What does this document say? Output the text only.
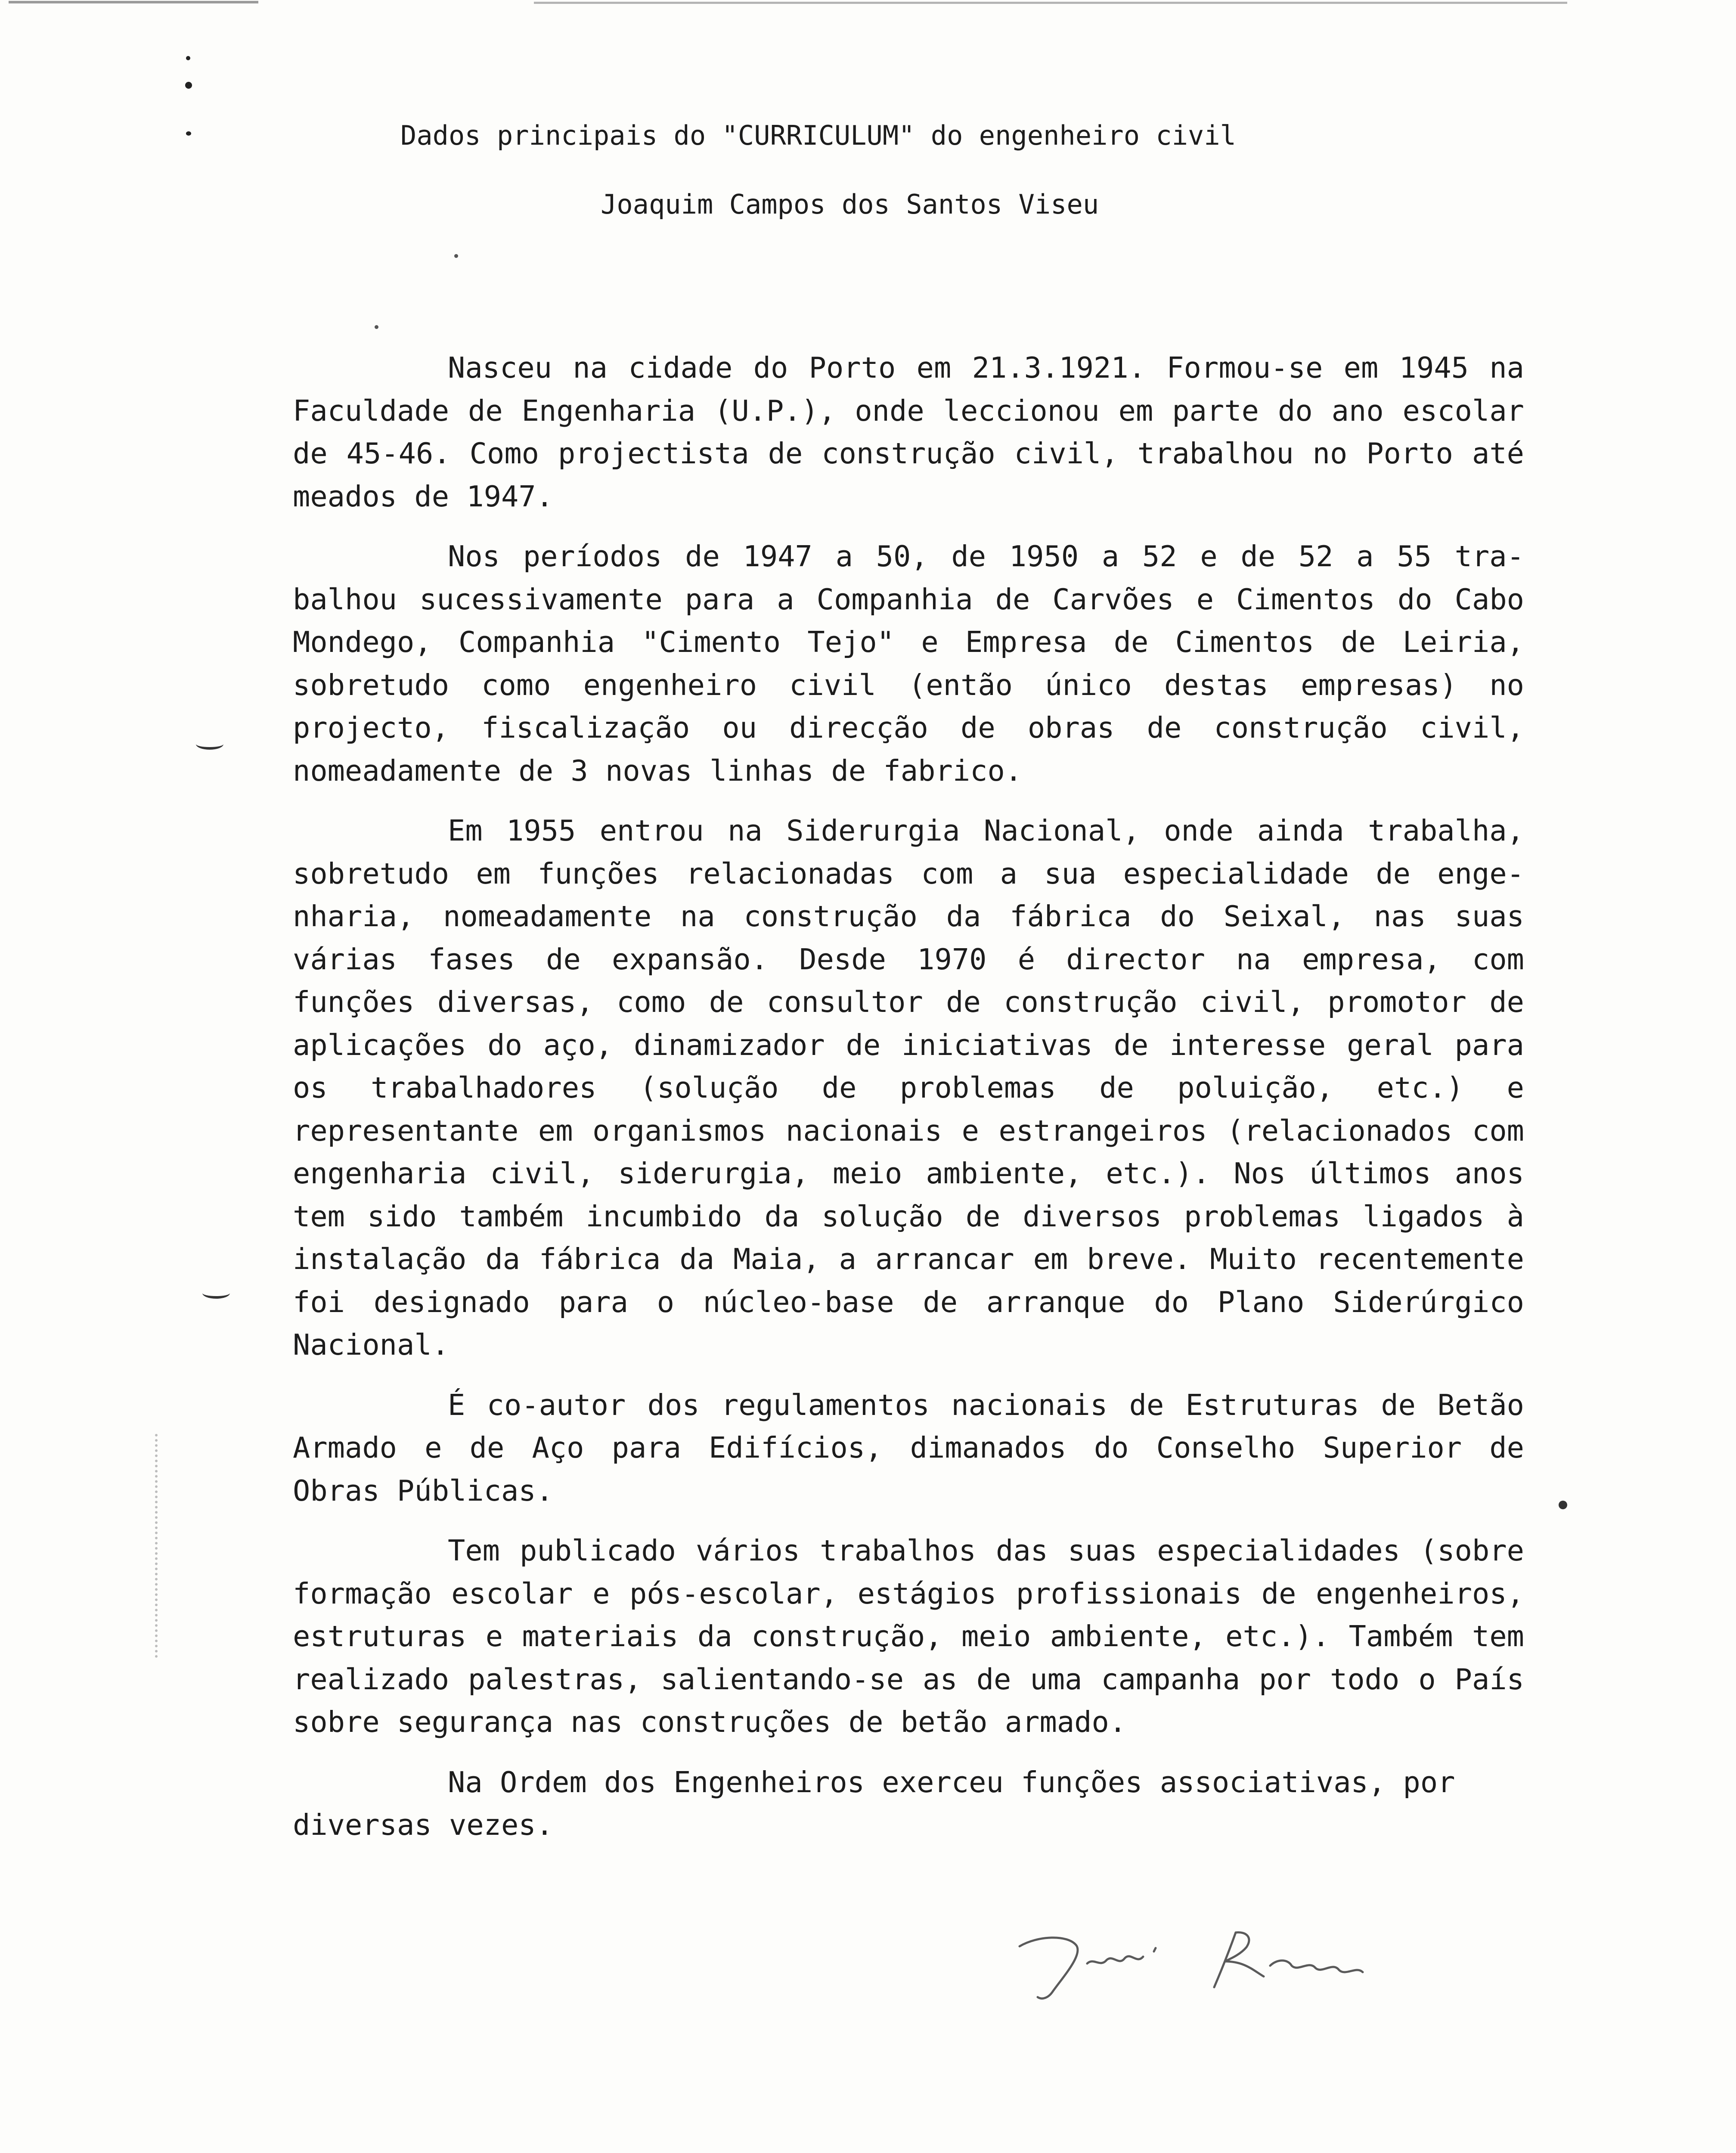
Dados principais do "CURRICULUM" do engenheiro civil
Joaquim Campos dos Santos Viseu

Nasceu na cidade do Porto em 21.3.1921. Formou-se em 1945 na Faculdade de Engenharia (U.P.), onde leccionou em parte do ano escolar de 45-46. Como projectista de construção civil, trabalhou no Porto até meados de 1947.

Nos períodos de 1947 a 50, de 1950 a 52 e de 52 a 55 trabalhou sucessivamente para a Companhia de Carvões e Cimentos do Cabo Mondego, Companhia "Cimento Tejo" e Empresa de Cimentos de Leiria, sobretudo como engenheiro civil (então único destas empresas) no projecto, fiscalização ou direcção de obras de construção civil, nomeadamente de 3 novas linhas de fabrico.

Em 1955 entrou na Siderurgia Nacional, onde ainda trabalha, sobretudo em funções relacionadas com a sua especialidade de engenharia, nomeadamente na construção da fábrica do Seixal, nas suas várias fases de expansão. Desde 1970 é director na empresa, com funções diversas, como de consultor de construção civil, promotor de aplicações do aço, dinamizador de iniciativas de interesse geral para os trabalhadores (solução de problemas de poluição, etc.) e representante em organismos nacionais e estrangeiros (relacionados com engenharia civil, siderurgia, meio ambiente, etc.). Nos últimos anos tem sido também incumbido da solução de diversos problemas ligados à instalação da fábrica da Maia, a arrancar em breve. Muito recentemente foi designado para o núcleo-base de arranque do Plano Siderúrgico Nacional.

É co-autor dos regulamentos nacionais de Estruturas de Betão Armado e de Aço para Edifícios, dimanados do Conselho Superior de Obras Públicas.

Tem publicado vários trabalhos das suas especialidades (sobre formação escolar e pós-escolar, estágios profissionais de engenheiros, estruturas e materiais da construção, meio ambiente, etc.). Também tem realizado palestras, salientando-se as de uma campanha por todo o País sobre segurança nas construções de betão armado.

Na Ordem dos Engenheiros exerceu funções associativas, por diversas vezes.
